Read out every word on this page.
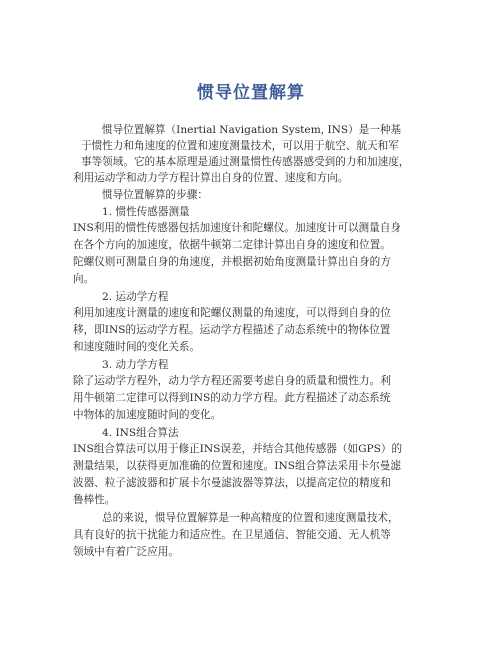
惯导位置解算
惯导位置解算（Inertial Navigation System, INS）是一种基
于惯性力和角速度的位置和速度测量技术，可以用于航空、航天和军
事等领域。它的基本原理是通过测量惯性传感器感受到的力和加速度，
利用运动学和动力学方程计算出自身的位置、速度和方向。
惯导位置解算的步骤：
1. 惯性传感器测量
INS利用的惯性传感器包括加速度计和陀螺仪。加速度计可以测量自身
在各个方向的加速度，依据牛顿第二定律计算出自身的速度和位置。
陀螺仪则可测量自身的角速度，并根据初始角度测量计算出自身的方
向。
2. 运动学方程
利用加速度计测量的速度和陀螺仪测量的角速度，可以得到自身的位
移，即INS的运动学方程。运动学方程描述了动态系统中的物体位置
和速度随时间的变化关系。
3. 动力学方程
除了运动学方程外，动力学方程还需要考虑自身的质量和惯性力。利
用牛顿第二定律可以得到INS的动力学方程。此方程描述了动态系统
中物体的加速度随时间的变化。
4. INS组合算法
INS组合算法可以用于修正INS误差，并结合其他传感器（如GPS）的
测量结果，以获得更加准确的位置和速度。INS组合算法采用卡尔曼滤
波器、粒子滤波器和扩展卡尔曼滤波器等算法，以提高定位的精度和
鲁棒性。
总的来说，惯导位置解算是一种高精度的位置和速度测量技术，
具有良好的抗干扰能力和适应性。在卫星通信、智能交通、无人机等
领域中有着广泛应用。
